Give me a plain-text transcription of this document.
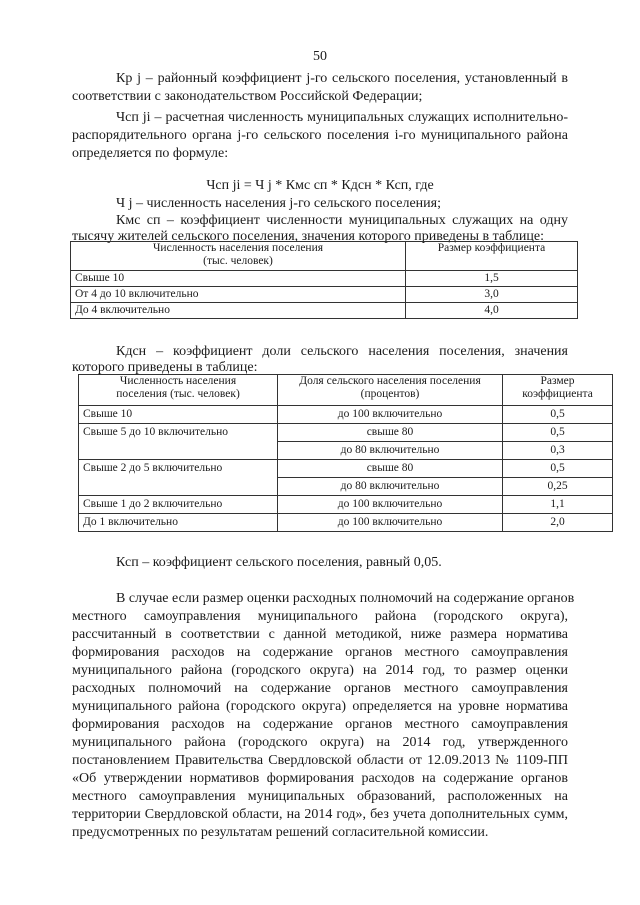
50
Кр j – районный коэффициент j-го сельского поселения, установленный в
соответствии с законодательством Российской Федерации;
Чсп ji – расчетная численность муниципальных служащих исполнительно-
распорядительного органа j-го сельского поселения i-го муниципального района
определяется по формуле:
Чсп ji = Ч j * Кмс сп * Кдсн * Ксп, где
Ч j – численность населения j-го сельского поселения;
Кмс сп – коэффициент численности муниципальных служащих на одну
тысячу жителей сельского поселения, значения которого приведены в таблице:
Численность населения поселения
(тыс. человек)	Размер коэффициента
Свыше 10	1,5
От 4 до 10 включительно	3,0
До 4 включительно	4,0
Кдсн – коэффициент доли сельского населения поселения, значения
которого приведены в таблице:
Численность населения
поселения (тыс. человек)	Доля сельского населения поселения
(процентов)	Размер
коэффициента
Свыше 10	до 100 включительно	0,5
Свыше 5 до 10 включительно	свыше 80	0,5
	до 80 включительно	0,3
Свыше 2 до 5 включительно	свыше 80	0,5
	до 80 включительно	0,25
Свыше 1 до 2 включительно	до 100 включительно	1,1
До 1 включительно	до 100 включительно	2,0
Ксп – коэффициент сельского поселения, равный 0,05.
В случае если размер оценки расходных полномочий на содержание органов
местного самоуправления муниципального района (городского округа),
рассчитанный в соответствии с данной методикой, ниже размера норматива
формирования расходов на содержание органов местного самоуправления
муниципального района (городского округа) на 2014 год, то размер оценки
расходных полномочий на содержание органов местного самоуправления
муниципального района (городского округа) определяется на уровне норматива
формирования расходов на содержание органов местного самоуправления
муниципального района (городского округа) на 2014 год, утвержденного
постановлением Правительства Свердловской области от 12.09.2013 № 1109-ПП
«Об утверждении нормативов формирования расходов на содержание органов
местного самоуправления муниципальных образований, расположенных на
территории Свердловской области, на 2014 год», без учета дополнительных сумм,
предусмотренных по результатам решений согласительной комиссии.
